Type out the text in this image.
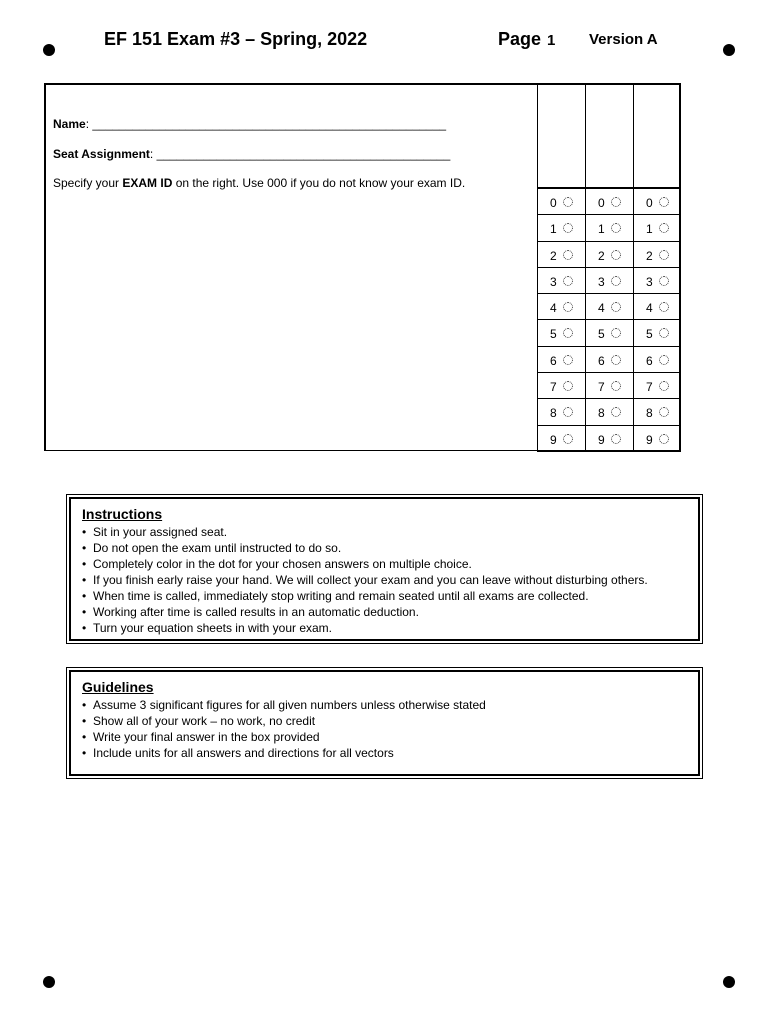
EF 151 Exam #3 – Spring, 2022	Page 1 Version A
Name: _____________________________________________________
Seat Assignment: ____________________________________________
Specify your EXAM ID on the right. Use 000 if you do not know your exam ID.
0
1
2
3
4
5
6
7
8
9
0
1
2
3
4
5
6
7
8
9
0
1
2
3
4
5
6
7
8
9
Instructions
• Sit in your assigned seat.
• Do not open the exam until instructed to do so.
• Completely color in the dot for your chosen answers on multiple choice.
• If you finish early raise your hand. We will collect your exam and you can leave without disturbing others.
• When time is called, immediately stop writing and remain seated until all exams are collected.
• Working after time is called results in an automatic deduction.
• Turn your equation sheets in with your exam.
Guidelines
• Assume 3 significant figures for all given numbers unless otherwise stated
• Show all of your work – no work, no credit
• Write your final answer in the box provided
• Include units for all answers and directions for all vectors
